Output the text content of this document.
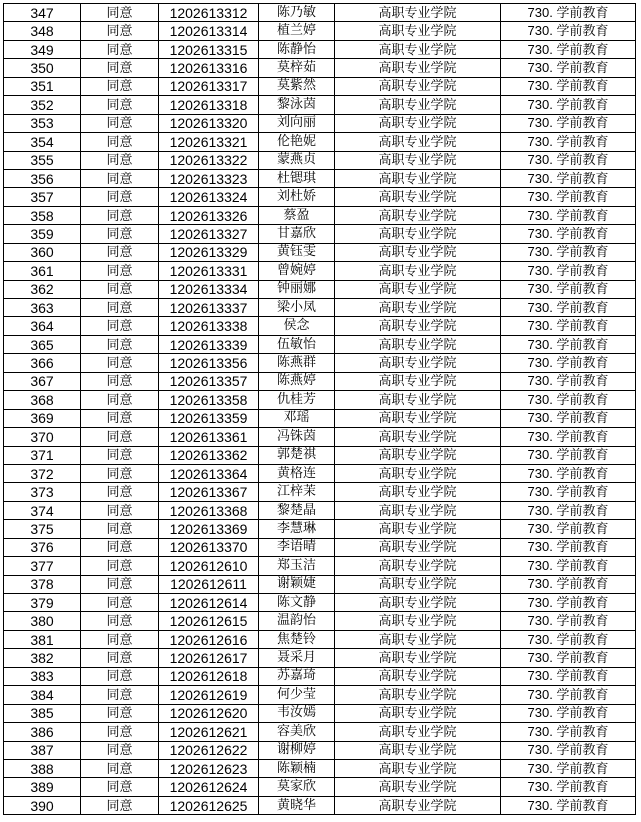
347	同意	1202613312	陈乃敏	高职专业学院	730. 学前教育
348	同意	1202613314	植兰婷	高职专业学院	730. 学前教育
349	同意	1202613315	陈静怡	高职专业学院	730. 学前教育
350	同意	1202613316	莫梓茹	高职专业学院	730. 学前教育
351	同意	1202613317	莫紫然	高职专业学院	730. 学前教育
352	同意	1202613318	黎泳茵	高职专业学院	730. 学前教育
353	同意	1202613320	刘向丽	高职专业学院	730. 学前教育
354	同意	1202613321	伦艳妮	高职专业学院	730. 学前教育
355	同意	1202613322	蒙燕贞	高职专业学院	730. 学前教育
356	同意	1202613323	杜锶琪	高职专业学院	730. 学前教育
357	同意	1202613324	刘杜娇	高职专业学院	730. 学前教育
358	同意	1202613326	蔡盈	高职专业学院	730. 学前教育
359	同意	1202613327	甘嘉欣	高职专业学院	730. 学前教育
360	同意	1202613329	黄钰雯	高职专业学院	730. 学前教育
361	同意	1202613331	曾婉婷	高职专业学院	730. 学前教育
362	同意	1202613334	钟丽娜	高职专业学院	730. 学前教育
363	同意	1202613337	梁小凤	高职专业学院	730. 学前教育
364	同意	1202613338	侯念	高职专业学院	730. 学前教育
365	同意	1202613339	伍敏怡	高职专业学院	730. 学前教育
366	同意	1202613356	陈燕群	高职专业学院	730. 学前教育
367	同意	1202613357	陈燕婷	高职专业学院	730. 学前教育
368	同意	1202613358	仇桂芳	高职专业学院	730. 学前教育
369	同意	1202613359	邓瑶	高职专业学院	730. 学前教育
370	同意	1202613361	冯铢茵	高职专业学院	730. 学前教育
371	同意	1202613362	郭楚祺	高职专业学院	730. 学前教育
372	同意	1202613364	黄格连	高职专业学院	730. 学前教育
373	同意	1202613367	江梓茉	高职专业学院	730. 学前教育
374	同意	1202613368	黎楚晶	高职专业学院	730. 学前教育
375	同意	1202613369	李慧琳	高职专业学院	730. 学前教育
376	同意	1202613370	李语晴	高职专业学院	730. 学前教育
377	同意	1202612610	郑玉洁	高职专业学院	730. 学前教育
378	同意	1202612611	谢颖婕	高职专业学院	730. 学前教育
379	同意	1202612614	陈文静	高职专业学院	730. 学前教育
380	同意	1202612615	温韵怡	高职专业学院	730. 学前教育
381	同意	1202612616	焦楚铃	高职专业学院	730. 学前教育
382	同意	1202612617	聂采月	高职专业学院	730. 学前教育
383	同意	1202612618	苏嘉琦	高职专业学院	730. 学前教育
384	同意	1202612619	何少莹	高职专业学院	730. 学前教育
385	同意	1202612620	韦汝嫣	高职专业学院	730. 学前教育
386	同意	1202612621	容美欣	高职专业学院	730. 学前教育
387	同意	1202612622	谢柳婷	高职专业学院	730. 学前教育
388	同意	1202612623	陈颖楠	高职专业学院	730. 学前教育
389	同意	1202612624	莫家欣	高职专业学院	730. 学前教育
390	同意	1202612625	黄晓华	高职专业学院	730. 学前教育
